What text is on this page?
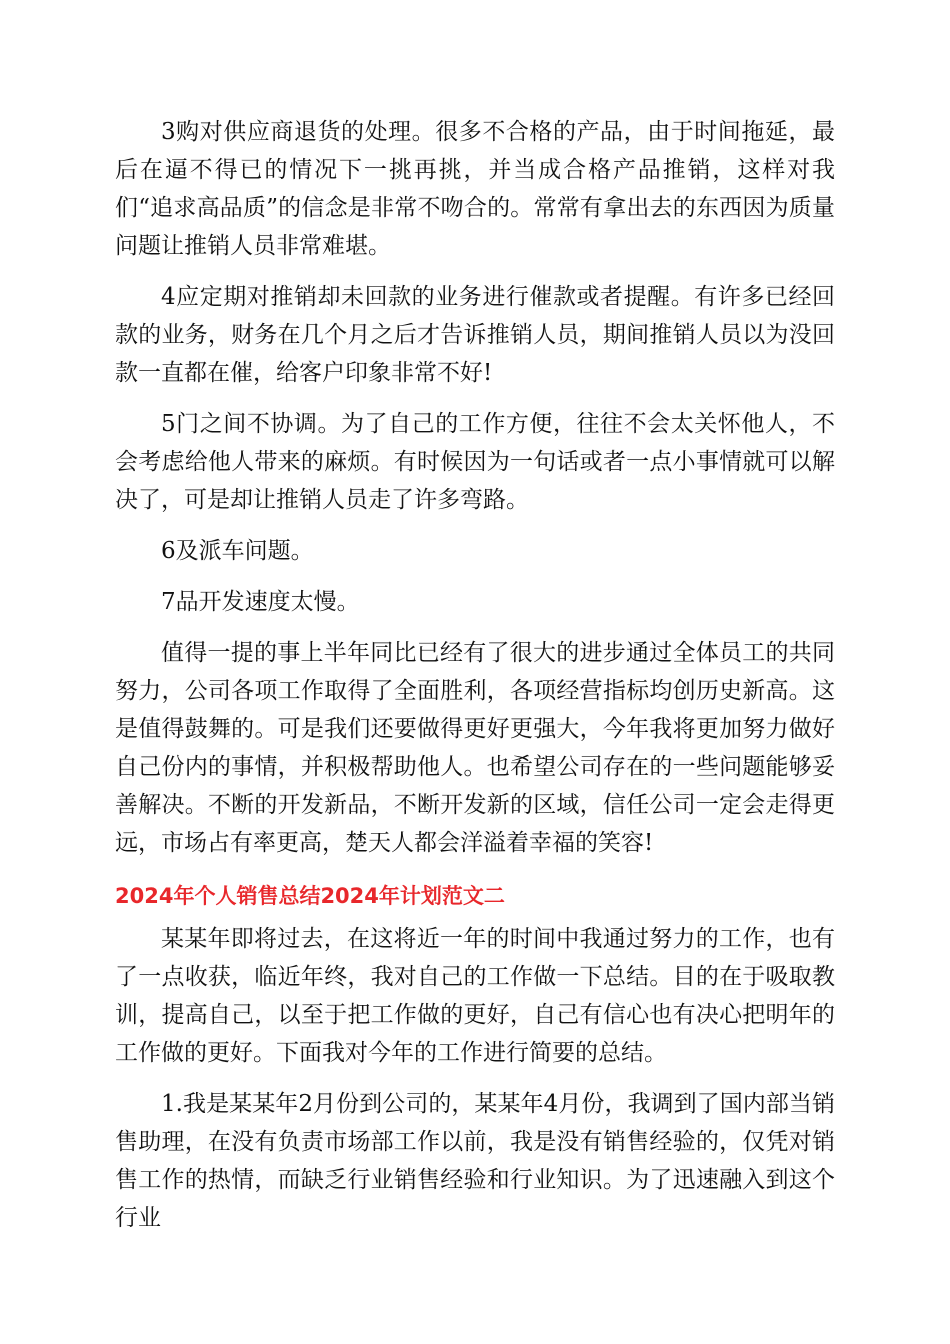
3购对供应商退货的处理。很多不合格的产品，由于时间拖延，最后在逼不得已的情况下一挑再挑，并当成合格产品推销，这样对我们“追求高品质”的信念是非常不吻合的。常常有拿出去的东西因为质量问题让推销人员非常难堪。

4应定期对推销却未回款的业务进行催款或者提醒。有许多已经回款的业务，财务在几个月之后才告诉推销人员，期间推销人员以为没回款一直都在催，给客户印象非常不好!

5门之间不协调。为了自己的工作方便，往往不会太关怀他人，不会考虑给他人带来的麻烦。有时候因为一句话或者一点小事情就可以解决了，可是却让推销人员走了许多弯路。

6及派车问题。

7品开发速度太慢。

值得一提的事上半年同比已经有了很大的进步通过全体员工的共同努力，公司各项工作取得了全面胜利，各项经营指标均创历史新高。这是值得鼓舞的。可是我们还要做得更好更强大，今年我将更加努力做好自己份内的事情，并积极帮助他人。也希望公司存在的一些问题能够妥善解决。不断的开发新品，不断开发新的区域，信任公司一定会走得更远，市场占有率更高，楚天人都会洋溢着幸福的笑容!

2024年个人销售总结2024年计划范文二

某某年即将过去，在这将近一年的时间中我通过努力的工作，也有了一点收获，临近年终，我对自己的工作做一下总结。目的在于吸取教训，提高自己，以至于把工作做的更好，自己有信心也有决心把明年的工作做的更好。下面我对今年的工作进行简要的总结。

1.我是某某年2月份到公司的，某某年4月份，我调到了国内部当销售助理，在没有负责市场部工作以前，我是没有销售经验的，仅凭对销售工作的热情，而缺乏行业销售经验和行业知识。为了迅速融入到这个行业
